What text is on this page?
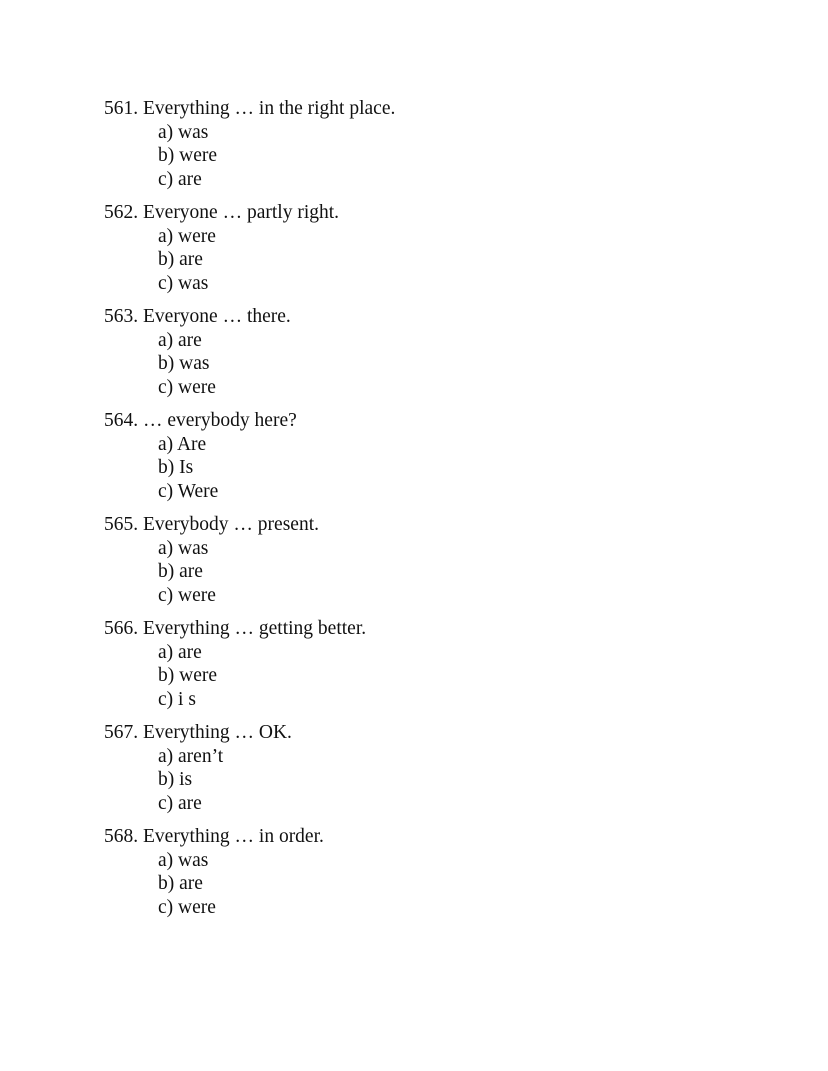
561. Everything … in the right place.
a) was
b) were
c) are
562. Everyone … partly right.
a) were
b) are
c) was
563. Everyone … there.
a) are
b) was
c) were
564. … everybody here?
a) Are
b) Is
c) Were
565. Everybody … present.
a) was
b) are
c) were
566. Everything … getting better.
a) are
b) were
c) i s
567. Everything … OK.
a) aren’t
b) is
c) are
568. Everything … in order.
a) was
b) are
c) were
